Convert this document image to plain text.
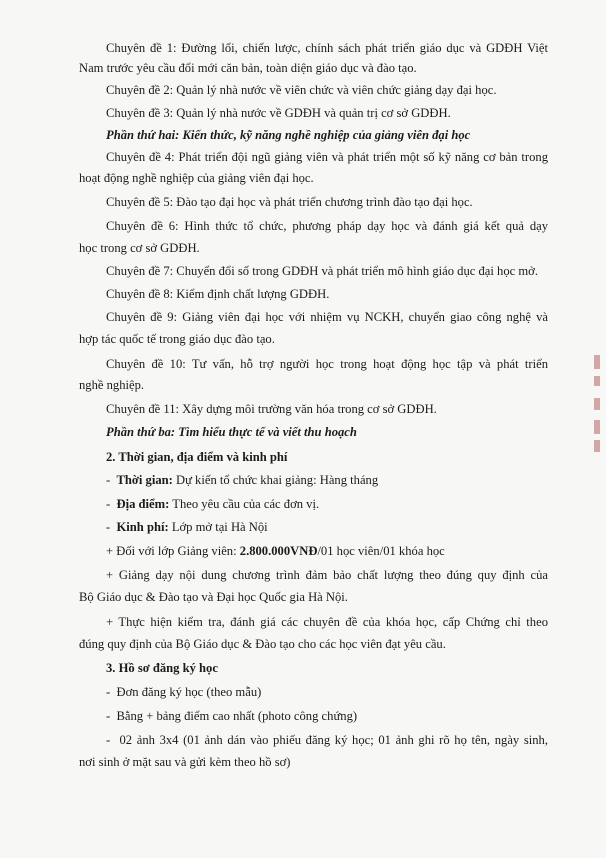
Chuyên đề 1: Đường lối, chiến lược, chính sách phát triển giáo dục và GDĐH Việt
Nam trước yêu cầu đổi mới căn bản, toàn diện giáo dục và đào tạo.
Chuyên đề 2: Quản lý nhà nước về viên chức và viên chức giảng dạy đại học.
Chuyên đề 3: Quản lý nhà nước về GDĐH và quản trị cơ sở GDĐH.
Phần thứ hai: Kiến thức, kỹ năng nghề nghiệp của giảng viên đại học
Chuyên đề 4: Phát triển đội ngũ giảng viên và phát triển một số kỹ năng cơ bản trong
hoạt động nghề nghiệp của giảng viên đại học.
Chuyên đề 5: Đào tạo đại học và phát triển chương trình đào tạo đại học.
Chuyên đề 6: Hình thức tổ chức, phương pháp dạy học và đánh giá kết quả dạy
học trong cơ sở GDĐH.
Chuyên đề 7: Chuyển đổi số trong GDĐH và phát triển mô hình giáo dục đại học mở.
Chuyên đề 8: Kiểm định chất lượng GDĐH.
Chuyên đề 9: Giảng viên đại học với nhiệm vụ NCKH, chuyển giao công nghệ và
hợp tác quốc tế trong giáo dục đào tạo.
Chuyên đề 10: Tư vấn, hỗ trợ người học trong hoạt động học tập và phát triển
nghề nghiệp.
Chuyên đề 11: Xây dựng môi trường văn hóa trong cơ sở GDĐH.
Phần thứ ba: Tìm hiểu thực tế và viết thu hoạch
2. Thời gian, địa điểm và kinh phí
- Thời gian: Dự kiến tổ chức khai giảng: Hàng tháng
- Địa điểm: Theo yêu cầu của các đơn vị.
- Kinh phí: Lớp mở tại Hà Nội
+ Đối với lớp Giảng viên: 2.800.000VNĐ/01 học viên/01 khóa học
+ Giảng dạy nội dung chương trình đảm bảo chất lượng theo đúng quy định của
Bộ Giáo dục & Đào tạo và Đại học Quốc gia Hà Nội.
+ Thực hiện kiểm tra, đánh giá các chuyên đề của khóa học, cấp Chứng chỉ theo
đúng quy định của Bộ Giáo dục & Đào tạo cho các học viên đạt yêu cầu.
3. Hồ sơ đăng ký học
- Đơn đăng ký học (theo mẫu)
- Bằng + bảng điểm cao nhất (photo công chứng)
- 02 ảnh 3x4 (01 ảnh dán vào phiếu đăng ký học; 01 ảnh ghi rõ họ tên, ngày sinh,
nơi sinh ở mặt sau và gửi kèm theo hồ sơ)
